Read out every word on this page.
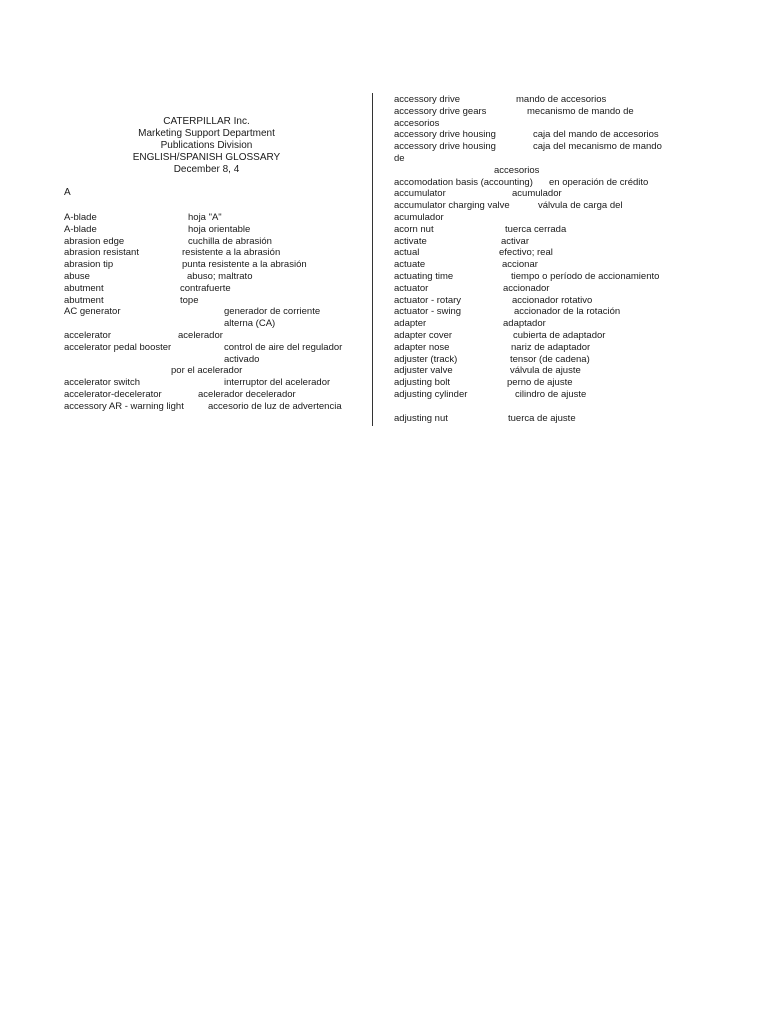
CATERPILLAR Inc.
Marketing Support Department
Publications Division
ENGLISH/SPANISH GLOSSARY
December 8, 4
A
A-blade	hoja "A"
A-blade	hoja orientable
abrasion edge	cuchilla de abrasión
abrasion resistant	resistente a la abrasión
abrasion tip	punta resistente a la abrasión
abuse	abuso; maltrato
abutment	contrafuerte
abutment	tope
AC generator	generador de corriente
alterna (CA)
accelerator	acelerador
accelerator pedal booster	control de aire del regulador
activado
por el acelerador
accelerator switch	interruptor del acelerador
accelerator-decelerator	acelerador decelerador
accessory AR - warning light	accesorio de luz de advertencia
accessory drive	mando de accesorios
accessory drive gears	mecanismo de mando de
accesorios
accessory drive housing	caja del mando de accesorios
accessory drive housing	caja del mecanismo de mando
de
accesorios
accomodation basis (accounting) en operación de crédito
accumulator	acumulador
accumulator charging valve	válvula de carga del
acumulador
acorn nut	tuerca cerrada
activate	activar
actual	efectivo; real
actuate	accionar
actuating time	tiempo o período de accionamiento
actuator	accionador
actuator - rotary	accionador rotativo
actuator - swing	accionador de la rotación
adapter	adaptador
adapter cover	cubierta de adaptador
adapter nose	nariz de adaptador
adjuster (track)	tensor (de cadena)
adjuster valve	válvula de ajuste
adjusting bolt	perno de ajuste
adjusting cylinder	cilindro de ajuste
adjusting nut	tuerca de ajuste
